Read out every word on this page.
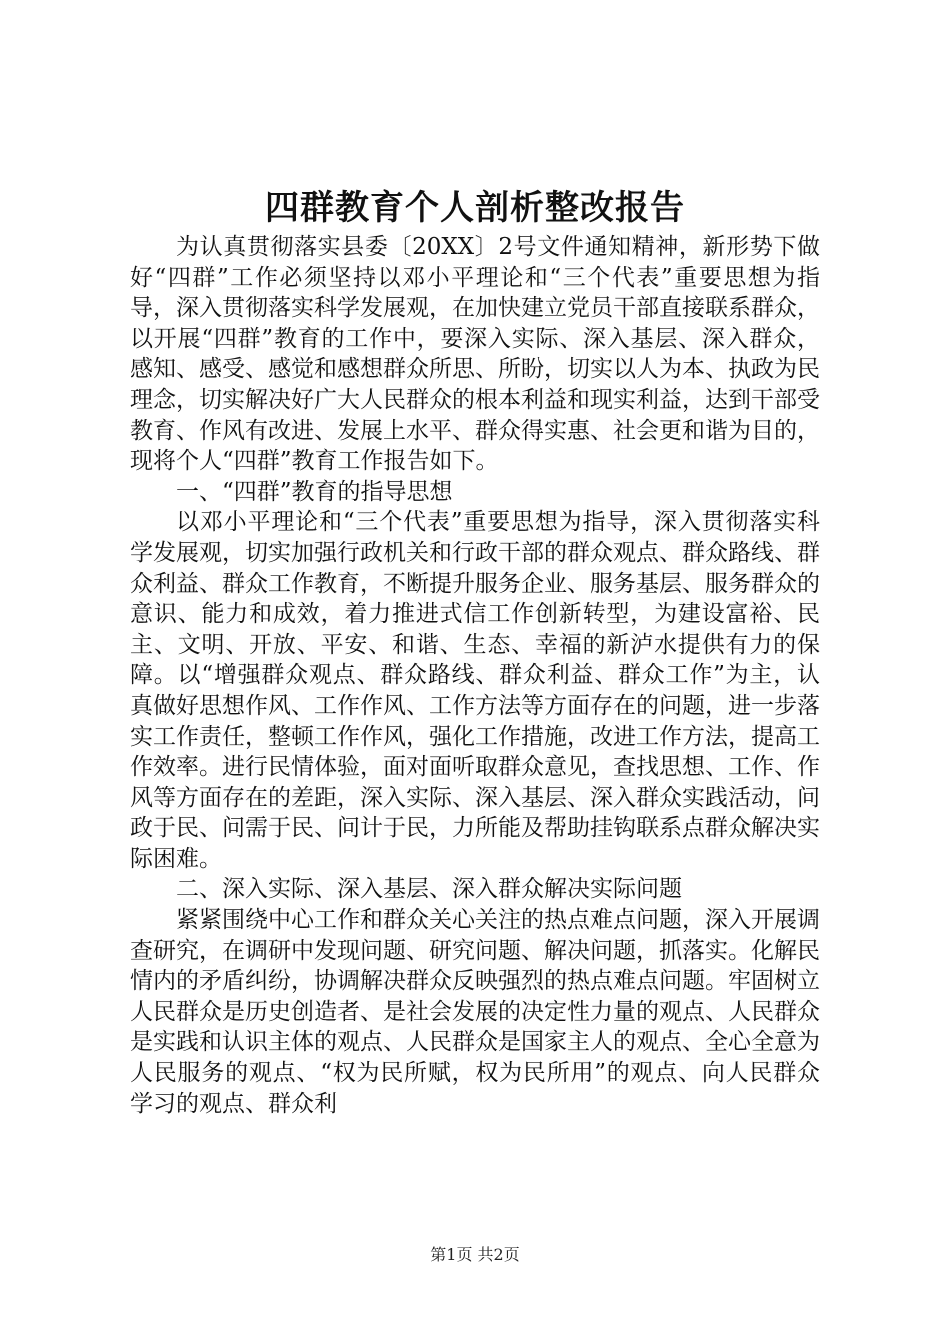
四群教育个人剖析整改报告

为认真贯彻落实县委〔20XX〕2号文件通知精神，新形势下做好“四群”工作必须坚持以邓小平理论和“三个代表”重要思想为指导，深入贯彻落实科学发展观，在加快建立党员干部直接联系群众，以开展“四群”教育的工作中，要深入实际、深入基层、深入群众，感知、感受、感觉和感想群众所思、所盼，切实以人为本、执政为民理念，切实解决好广大人民群众的根本利益和现实利益，达到干部受教育、作风有改进、发展上水平、群众得实惠、社会更和谐为目的，现将个人“四群”教育工作报告如下。

一、“四群”教育的指导思想

以邓小平理论和“三个代表”重要思想为指导，深入贯彻落实科学发展观，切实加强行政机关和行政干部的群众观点、群众路线、群众利益、群众工作教育，不断提升服务企业、服务基层、服务群众的意识、能力和成效，着力推进式信工作创新转型，为建设富裕、民主、文明、开放、平安、和谐、生态、幸福的新泸水提供有力的保障。以“增强群众观点、群众路线、群众利益、群众工作”为主，认真做好思想作风、工作作风、工作方法等方面存在的问题，进一步落实工作责任，整顿工作作风，强化工作措施，改进工作方法，提高工作效率。进行民情体验，面对面听取群众意见，查找思想、工作、作风等方面存在的差距，深入实际、深入基层、深入群众实践活动，问政于民、问需于民、问计于民，力所能及帮助挂钩联系点群众解决实际困难。

二、深入实际、深入基层、深入群众解决实际问题

紧紧围绕中心工作和群众关心关注的热点难点问题，深入开展调查研究，在调研中发现问题、研究问题、解决问题，抓落实。化解民情内的矛盾纠纷，协调解决群众反映强烈的热点难点问题。牢固树立人民群众是历史创造者、是社会发展的决定性力量的观点、人民群众是实践和认识主体的观点、人民群众是国家主人的观点、全心全意为人民服务的观点、“权为民所赋，权为民所用”的观点、向人民群众学习的观点、群众利

第1页 共2页
